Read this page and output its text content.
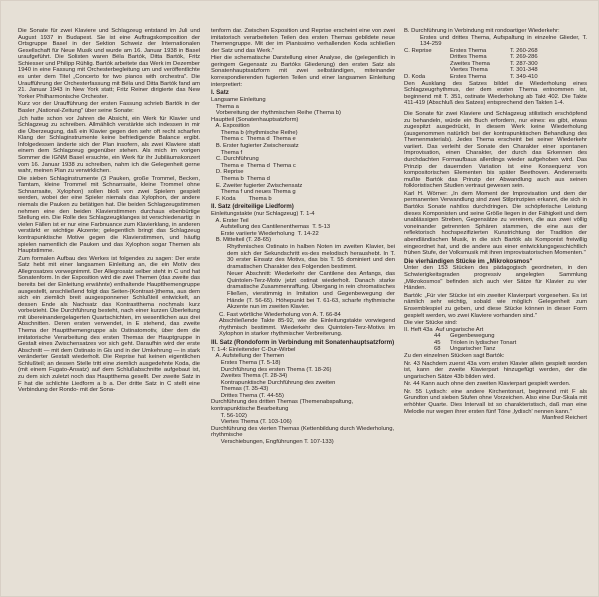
Die Sonate für zwei Klaviere und Schlagzeug entstand im Juli und August 1937 in Budapest. Sie ist eine Auftragskomposition der Ortsgruppe Basel in der Sektion Schweiz der Internationalen Gesellschaft für Neue Musik und wurde am 16. Januar 1938 in Basel uraufgeführt. Die Solisten waren Béla Bartók, Ditta Bartók, Fritz Schiesser und Philipp Rühlig. Bartók arbeitete das Werk im Dezember 1940 in eine Fassung mit Orchesterbegleitung um und veröffentlichte es unter dem Titel „Concerto for two pianos with orchestra". Die Uraufführung der Orchesterfassung mit Béla und Ditta Bartók fand am 21. Januar 1943 in New York statt; Fritz Reiner dirigierte das New Yorker Philharmonische Orchester.

Kurz vor der Uraufführung der ersten Fassung schrieb Bartók in der Basler „National-Zeitung" über seine Sonate:

„Ich hatte schon vor Jahren die Absicht, ein Werk für Klavier und Schlagzeug zu schreiben. Allmählich verstärkte sich indessen in mir die Überzeugung, daß ein Klavier gegen den sehr oft recht scharfen Klang der Schlaginstrumente keine befriedigende Balance ergibt. Infolgedessen änderte sich der Plan insofern, als zwei Klaviere statt einem dem Schlagzeug gegenüber stehen. Als mich im vorigen Sommer die IGNM Basel ersuchte, ein Werk für ihr Jubiläumskonzert vom 16. Januar 1938 zu schreiben, nahm ich die Gelegenheit gerne wahr, meinen Plan zu verwirklichen.

Die sieben Schlaginstrumente (3 Pauken, große Trommel, Becken, Tamtam, kleine Trommel mit Schnarrsaite, kleine Trommel ohne Schnarrsaite, Xylophon) sollen bloß von zwei Spielern gespielt werden, wobei der eine Spieler niemals das Xylophon, der andere niemals die Pauken zu betätigen hat. Die beiden Schlagzeugstimmen nehmen eine den beiden Klavierstimmen durchaus ebenbürtige Stellung ein. Die Rolle des Schlagzeugklanges ist verschiedenartig: in vielen Fällen ist er nur eine Farbnuance zum Klavierklang, in anderen verstärkt er wichtige Akzente; gelegentlich bringt das Schlagzeug kontrapunktische Motive gegen die Klavierstimmen, und häufig spielen namentlich die Pauken und das Xylophon sogar Themen als Hauptstimme.

Zum formalen Aufbau des Werkes ist folgendes zu sagen: Der erste Satz hebt mit einer langsamen Einleitung an, die ein Motiv des Allegrosatzes vorwegnimmt. Der Allegrosatz selber steht in C und hat Sonatenform. In der Exposition wird die zwei Themen (das zweite das bereits bei der Einleitung erwähnte) enthaltende Hauptthemengruppe ausgestellt, anschließend folgt das Seiten-(Kontrast-)thema, aus dem sich ein ziemlich breit ausgesponnener Schlußteil entwickelt, an dessen Ende als Nachsatz das Kontrastthema nochmals kurz vorbeizieht. Die Durchführung besteht, nach einer kurzen Überleitung mit übereinandergelagerten Quartschichten, im wesentlichen aus drei Abschnitten. Deren ersten verwendet, in E stehend, das zweite Thema der Hauptthemengruppe als Ostinatomotiv, über dem die imitatorische Verarbeitung des ersten Themas der Hauptgruppe in Gestalt eines Zwischensatzes vor sich geht. Daraufhin wird der erste Abschnitt — mit dem Ostinato in Gis und in der Umkehrung — in stark veränderter Gestalt wiederholt. Die Reprise hat keinen eigentlichen Schlußteil; an dessen Stelle tritt eine ziemlich ausgedehnte Koda, die (mit einem Fugato-Ansatz) auf dem Schlußabschnitte aufgebaut ist, zu dem sich zuletzt noch das Hauptthema gesellt. Der zweite Satz in F hat die schlichte Liedform a b a. Der dritte Satz in C stellt eine Verbindung der Rondo- mit der Sona-

tenform dar. Zwischen Exposition und Reprise erscheint eine von zwei imitatorisch verarbeiteten Teilen des ersten Themas gebildete neue Themengruppe. Mit der im Pianissimo verhallenden Koda schließen der Satz und das Werk."

Hier die schematische Darstellung einer Analyse, die (gelegentlich in geringem Gegensatz zu Bartóks Gliederung) den ersten Satz als Sonatenhauptsatzform mit zwei selbständigen, miteinander korrespondierenden fugierten Teilen und einer langsamen Einleitung interpretiert:

I. Satz
Langsame Einleitung
Thema a
Vorbereitung der rhythmischen Reihe (Thema b)
Hauptteil (Sonatenhauptsatzform)
A. Exposition
Thema b (rhythmische Reihe)
Thema c  Thema d  Thema e
B. Erster fugierter Zwischensatz
Thema f
C. Durchführung
Thema e  Thema d  Thema c
D. Reprise
Thema b  Thema d
E. Zweiter fugierter Zwischensatz
Thema f und neues Thema g
F. Koda        Thema b
II. Satz (dreiteilige Liedform)
Einleitungstakte (nur Schlagzeug) T. 1-4
A. Erster Teil
Aufstellung des Cantilenenthemas  T. 5-13
Erste variierte Wiederholung  T. 14-22
B. Mittelteil (T. 28-65)

Rhythmisches Ostinato in halben Noten im zweiten Klavier, bei dem sich der Sekundschritt es-des melodisch heraushebt. In T. 30 erster Einsatz des Motivs, das bis T. 55 dominiert und den dramatischen Charakter des Folgenden bestimmt.

Neuer Abschnitt: Wiederkehr der Cantilene des Anfangs, das Quintolen-Terz-Motiv jetzt ostinat wiederholt. Danach starke dramatische Zusammenraffung. Übergang in rein chromatisches Fließen, vierstimmig in Imitation und Gegenbewegung der Hände (T. 56-65). Höhepunkt bei T. 61-63, scharfe rhythmische Akzente nun im zweiten Klavier.

C. Fast wörtliche Wiederholung von A. T. 66-84
Abschließende Takte 85-92, wie die Einleitungstakte vorwiegend rhythmisch bestimmt. Wiederkehr des Quintolen-Terz-Motivs im Xylophon in starker rhythmischer Verbreiterung.

III. Satz (Rondoform in Verbindung mit Sonatenhauptsatzform)
T. 1-4: Einleitender C-Dur-Wirbel
A. Aufstellung der Themen
Erstes Thema (T. 5-18)
Durchführung des ersten Thema (T. 18-26)
Zweites Thema (T. 28-34)
Kontrapunktische Durchführung des zweiten
Themas (T. 35-43)
Drittes Thema (T. 44-55)
Durchführung des dritten Themas (Themenabspaltung, kontrapunktische Bearbeitung
T. 56-102)
Viertes Thema (T. 103-106)
Durchführung des vierten Themas (Kettenbildung durch Wiederholung, rhythmische
Verschiebungen, Engführungen T. 107-133)
B. Durchführung in Verbindung mit rondoartiger Wiederkehr:
Erstes und drittes Thema, Aufspaltung in einzelne Glieder, T. 134-259
C. Reprise	Erstes Thema	T. 260-268
Drittes Thema	T. 269-286
Zweites Thema	T. 287-300
Viertes Thema	T. 301-348
D. Koda	Erstes Thema	T. 349-410

Den Ausklang des Satzes bildet die Wiederholung eines Schlagzeugrhythmus, der dem ersten Thema entnommen ist, beginnend mit T. 351, ostinate Wiederholung ab Takt 402. Die Takte 411-419 (Abschluß des Satzes) entsprechend den Takten 1-4.

Die Sonate für zwei Klaviere und Schlagzeug stilistisch erschöpfend zu behandeln, würde ein Buch erfordern, nur eines: es gibt, etwas zugespitzt ausgedrückt, in diesem Werk keine Wiederholung (ausgenommen natürlich bei der kontrapunktischen Behandlung des Themenmaterials). Jedes Thema erscheint bei seiner Wiederkehr variiert. Das verleiht der Sonate den Charakter einer spontanen Improvisation, einen Charakter, der durch das Erkennen des durchdachten Formaufbaus allerdings wieder aufgehoben wird. Das Prinzip der dauernden Variation ist eine Konsequenz von kompositorischen Elementen bis später Beethoven. Andererseits mußte Bartók das Prinzip der Abwandlung auch aus seinen folkloristischen Studien vertraut gewesen sein.

Karl H. Wörner: „In dem Moment der Improvisation und dem der permanenten Verwandlung sind zwei Stilprinzipien erkannt, die sich in Bartóks Sonate nahtlos durchdringen. Die schöpferische Leistung dieses Komponisten und seine Größe liegen in der Fähigkeit und dem unablässigen Streben, Gegensätze zu vereinen, die aus zwei völlig voneinander getrennten Sphären stammen, die eine aus der reflektorisch hochspezifizierten Kunstrichtung der Tradition der abendländischen Musik, in die sich Bartók als Komponist freiwillig eingeordnet hat, und die andere aus einer entwicklungsgeschichtlich frühen Stufe, der Volksmusik mit ihren improvisatorischen Momenten."

Die vierhändigen Stücke im „Mikrokosmos"

Unter den 153 Stücken des pädagogisch geordneten, in den Schwierigkeitsgraden progressiv angelegten Sammlung „Mikrokosmos" befinden sich auch vier Sätze für Klavier zu vier Händen.

Bartók: „Für vier Stücke ist ein zweiter Klavierpart vorgesehen. Es ist nämlich sehr wichtig, sobald wie möglich Gelegenheit zum Ensemblespiel zu geben, und diese Stücke können in dieser Form gespielt werden, wo zwei Klaviere vorhanden sind."

Die vier Stücke sind:

II. Heft 43a  Auf ungarische Art
44	Gegenbewegung
45	Triolen in lydischer Tonart
68	Ungarischer Tanz

Zu den einzelnen Stücken sagt Bartók:

Nr. 43 Nachdem zuerst 43a vom ersten Klavier allein gespielt worden ist, kann der zweite Klavierpart hinzugefügt werden, der die ungarischen Sätze 43b bilden wird.

Nr. 44 Kann auch ohne den zweiten Klavierpart gespielt werden.

Nr. 55 Lydisch: eine andere Kirchentonart, beginnend mit F als Grundton und sieben Stufen ohne Vorzeichen. Also eine Dur-Skala mit erhöhter Quarte. Dies Intervall ist so charakteristisch, daß man eine Melodie nur wegen ihrer ersten fünf Töne ‚lydisch' nennen kann."

Manfred Reichert
